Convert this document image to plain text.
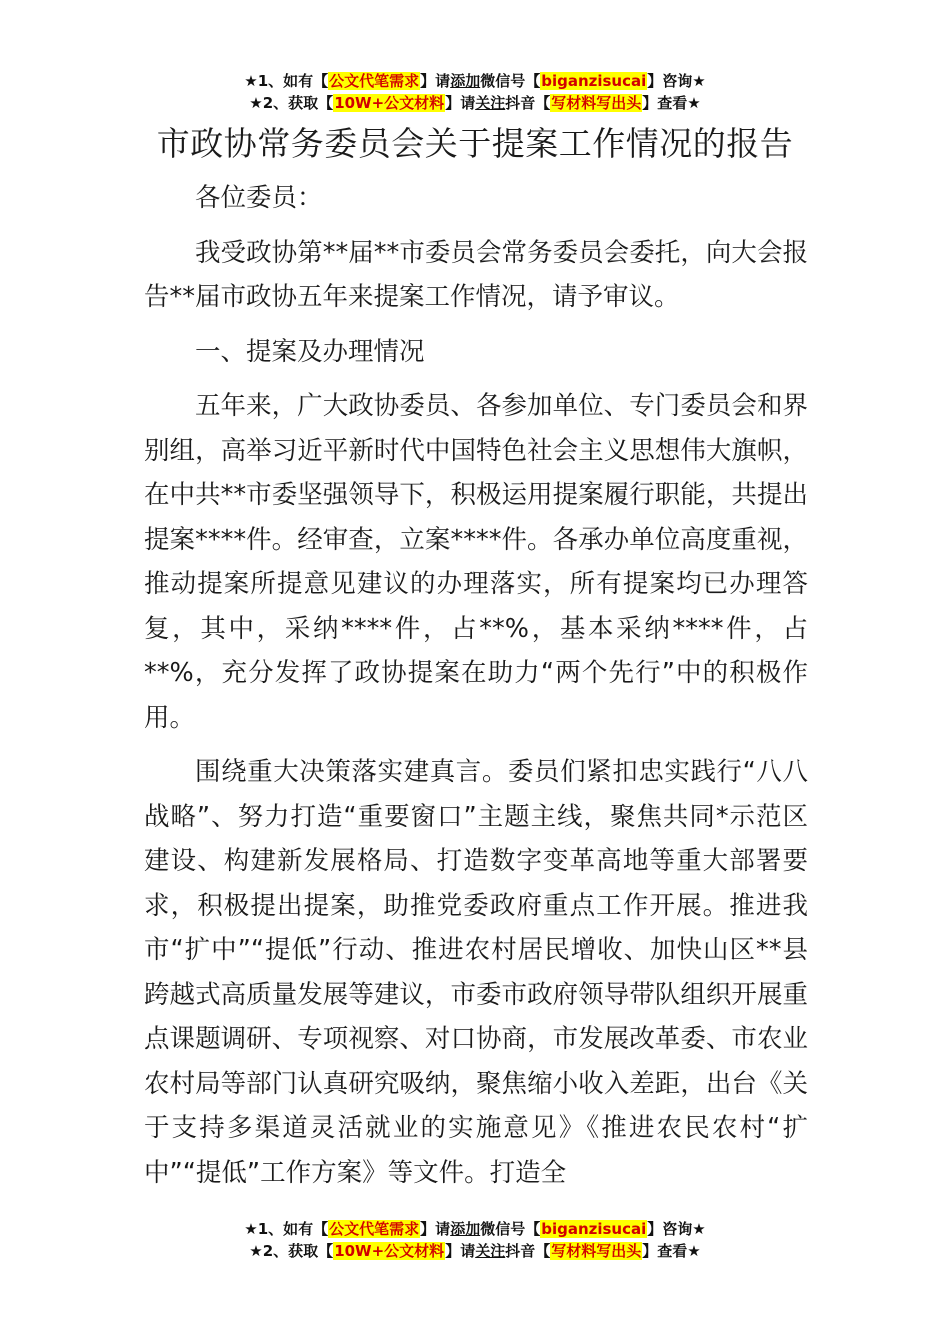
★1、如有【公文代笔需求】请添加微信号【biganzisucai】咨询★
★2、获取【10W+公文材料】请关注抖音【写材料写出头】查看★
市政协常务委员会关于提案工作情况的报告

各位委员：

我受政协第**届**市委员会常务委员会委托，向大会报告**届市政协五年来提案工作情况，请予审议。

一、提案及办理情况

五年来，广大政协委员、各参加单位、专门委员会和界别组，高举习近平新时代中国特色社会主义思想伟大旗帜，在中共**市委坚强领导下，积极运用提案履行职能，共提出提案****件。经审查，立案****件。各承办单位高度重视，推动提案所提意见建议的办理落实，所有提案均已办理答复，其中，采纳****件，占**%，基本采纳****件，占**%，充分发挥了政协提案在助力“两个先行”中的积极作用。

围绕重大决策落实建真言。委员们紧扣忠实践行“八八战略”、努力打造“重要窗口”主题主线，聚焦共同*示范区建设、构建新发展格局、打造数字变革高地等重大部署要求，积极提出提案，助推党委政府重点工作开展。推进我市“扩中”“提低”行动、推进农村居民增收、加快山区**县跨越式高质量发展等建议，市委市政府领导带队组织开展重点课题调研、专项视察、对口协商，市发展改革委、市农业农村局等部门认真研究吸纳，聚焦缩小收入差距，出台《关于支持多渠道灵活就业的实施意见》《推进农民农村“扩中”“提低”工作方案》等文件。打造全

★1、如有【公文代笔需求】请添加微信号【biganzisucai】咨询★
★2、获取【10W+公文材料】请关注抖音【写材料写出头】查看★
